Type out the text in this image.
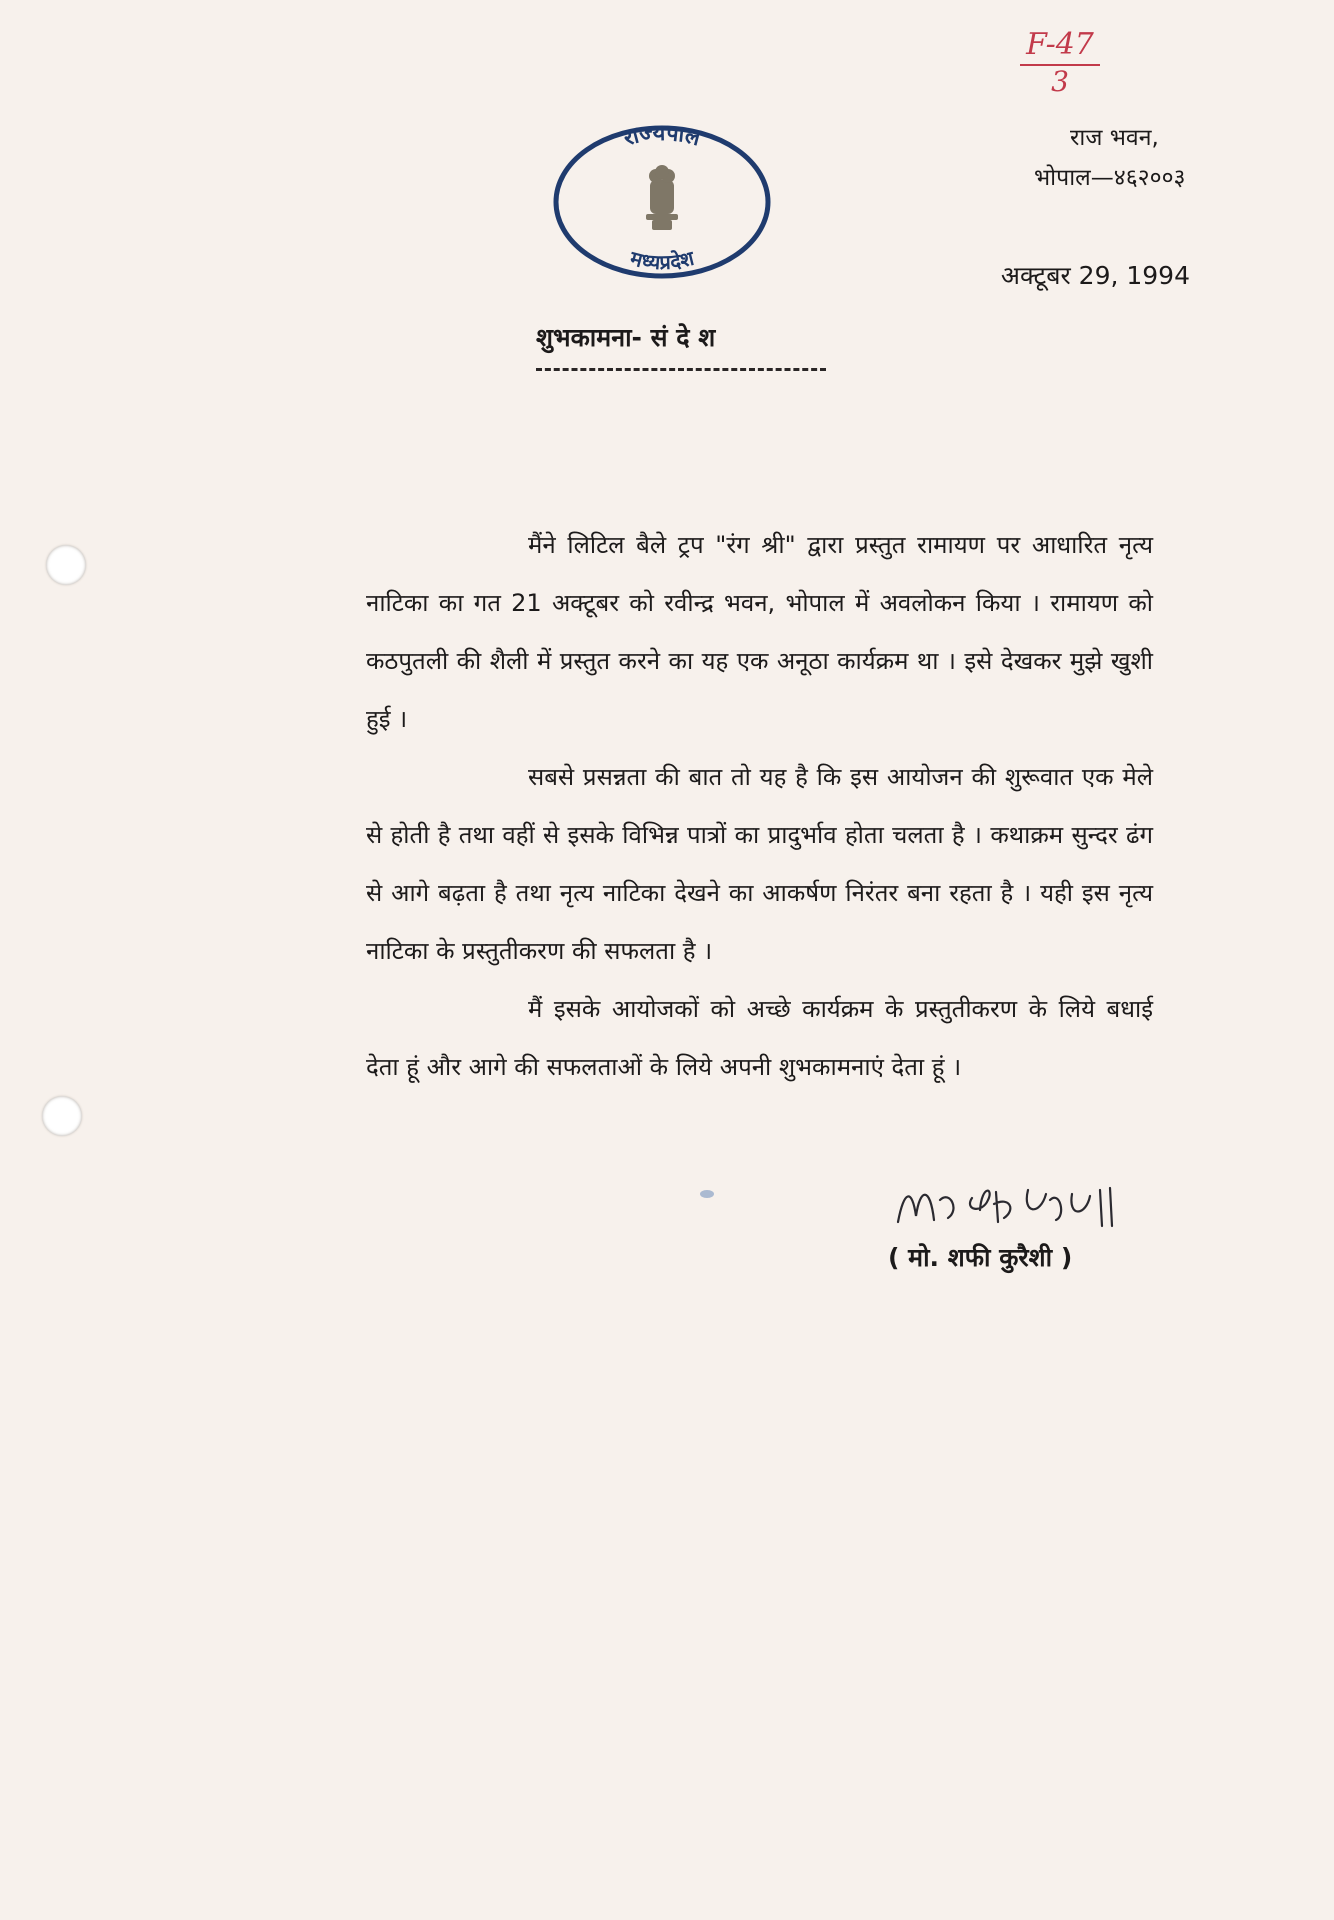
$\frac{F-47}{3}$
राज्यपाल
मध्यप्रदेश
राज भवन,
भोपाल—४६२००३
अक्टूबर 29, 1994
शुभकामना- सं दे श

मैंने लिटिल बैले ट्रप "रंग श्री" द्वारा प्रस्तुत रामायण पर आधारित नृत्य नाटिका का गत 21 अक्टूबर को रवीन्द्र भवन, भोपाल में अवलोकन किया । रामायण को कठपुतली की शैली में प्रस्तुत करने का यह एक अनूठा कार्यक्रम था । इसे देखकर मुझे खुशी हुई ।

सबसे प्रसन्नता की बात तो यह है कि इस आयोजन की शुरूवात एक मेले से होती है तथा वहीं से इसके विभिन्न पात्रों का प्रादुर्भाव होता चलता है । कथाक्रम सुन्दर ढंग से आगे बढ़ता है तथा नृत्य नाटिका देखने का आकर्षण निरंतर बना रहता है । यही इस नृत्य नाटिका के प्रस्तुतीकरण की सफलता है ।

मैं इसके आयोजकों को अच्छे कार्यक्रम के प्रस्तुतीकरण के लिये बधाई देता हूं और आगे की सफलताओं के लिये अपनी शुभकामनाएं देता हूं ।

मो शफी कुरैशी
( मो. शफी कुरैशी )
